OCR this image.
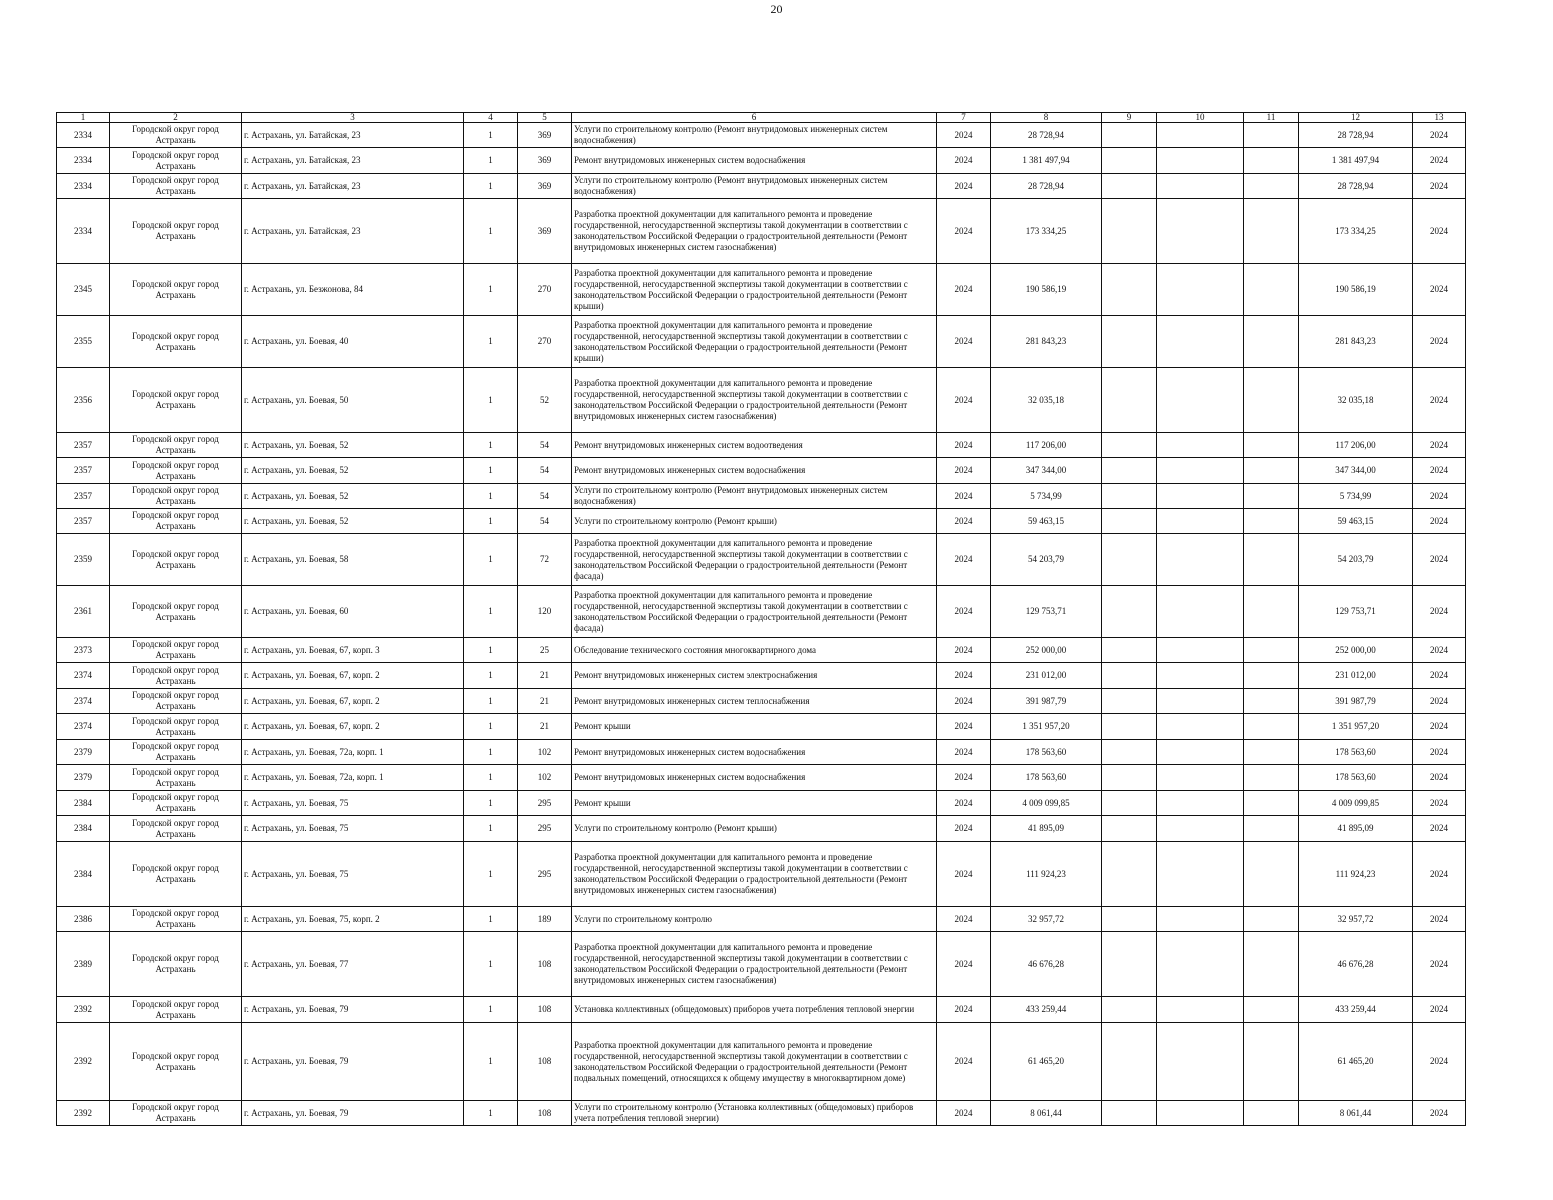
20
1	2	3	4	5	6	7	8	9	10	11	12	13
2334	Городской округ город Астрахань	г. Астрахань, ул. Батайская, 23	1	369	Услуги по строительному контролю (Ремонт внутридомовых инженерных систем водоснабжения)	2024	28 728,94				28 728,94	2024
2334	Городской округ город Астрахань	г. Астрахань, ул. Батайская, 23	1	369	Ремонт внутридомовых инженерных систем водоснабжения	2024	1 381 497,94				1 381 497,94	2024
2334	Городской округ город Астрахань	г. Астрахань, ул. Батайская, 23	1	369	Услуги по строительному контролю (Ремонт внутридомовых инженерных систем водоснабжения)	2024	28 728,94				28 728,94	2024
2334	Городской округ город Астрахань	г. Астрахань, ул. Батайская, 23	1	369	Разработка проектной документации для капитального ремонта и проведение государственной, негосударственной экспертизы такой документации в соответствии с законодательством Российской Федерации о градостроительной деятельности (Ремонт внутридомовых инженерных систем газоснабжения)	2024	173 334,25				173 334,25	2024
2345	Городской округ город Астрахань	г. Астрахань, ул. Безжонова, 84	1	270	Разработка проектной документации для капитального ремонта и проведение государственной, негосударственной экспертизы такой документации в соответствии с законодательством Российской Федерации о градостроительной деятельности (Ремонт крыши)	2024	190 586,19				190 586,19	2024
2355	Городской округ город Астрахань	г. Астрахань, ул. Боевая, 40	1	270	Разработка проектной документации для капитального ремонта и проведение государственной, негосударственной экспертизы такой документации в соответствии с законодательством Российской Федерации о градостроительной деятельности (Ремонт крыши)	2024	281 843,23				281 843,23	2024
2356	Городской округ город Астрахань	г. Астрахань, ул. Боевая, 50	1	52	Разработка проектной документации для капитального ремонта и проведение государственной, негосударственной экспертизы такой документации в соответствии с законодательством Российской Федерации о градостроительной деятельности (Ремонт внутридомовых инженерных систем газоснабжения)	2024	32 035,18				32 035,18	2024
2357	Городской округ город Астрахань	г. Астрахань, ул. Боевая, 52	1	54	Ремонт внутридомовых инженерных систем водоотведения	2024	117 206,00				117 206,00	2024
2357	Городской округ город Астрахань	г. Астрахань, ул. Боевая, 52	1	54	Ремонт внутридомовых инженерных систем водоснабжения	2024	347 344,00				347 344,00	2024
2357	Городской округ город Астрахань	г. Астрахань, ул. Боевая, 52	1	54	Услуги по строительному контролю (Ремонт внутридомовых инженерных систем водоснабжения)	2024	5 734,99				5 734,99	2024
2357	Городской округ город Астрахань	г. Астрахань, ул. Боевая, 52	1	54	Услуги по строительному контролю (Ремонт крыши)	2024	59 463,15				59 463,15	2024
2359	Городской округ город Астрахань	г. Астрахань, ул. Боевая, 58	1	72	Разработка проектной документации для капитального ремонта и проведение государственной, негосударственной экспертизы такой документации в соответствии с законодательством Российской Федерации о градостроительной деятельности (Ремонт фасада)	2024	54 203,79				54 203,79	2024
2361	Городской округ город Астрахань	г. Астрахань, ул. Боевая, 60	1	120	Разработка проектной документации для капитального ремонта и проведение государственной, негосударственной экспертизы такой документации в соответствии с законодательством Российской Федерации о градостроительной деятельности (Ремонт фасада)	2024	129 753,71				129 753,71	2024
2373	Городской округ город Астрахань	г. Астрахань, ул. Боевая, 67, корп. 3	1	25	Обследование технического состояния многоквартирного дома	2024	252 000,00				252 000,00	2024
2374	Городской округ город Астрахань	г. Астрахань, ул. Боевая, 67, корп. 2	1	21	Ремонт внутридомовых инженерных систем электроснабжения	2024	231 012,00				231 012,00	2024
2374	Городской округ город Астрахань	г. Астрахань, ул. Боевая, 67, корп. 2	1	21	Ремонт внутридомовых инженерных систем теплоснабжения	2024	391 987,79				391 987,79	2024
2374	Городской округ город Астрахань	г. Астрахань, ул. Боевая, 67, корп. 2	1	21	Ремонт крыши	2024	1 351 957,20				1 351 957,20	2024
2379	Городской округ город Астрахань	г. Астрахань, ул. Боевая, 72а, корп. 1	1	102	Ремонт внутридомовых инженерных систем водоснабжения	2024	178 563,60				178 563,60	2024
2379	Городской округ город Астрахань	г. Астрахань, ул. Боевая, 72а, корп. 1	1	102	Ремонт внутридомовых инженерных систем водоснабжения	2024	178 563,60				178 563,60	2024
2384	Городской округ город Астрахань	г. Астрахань, ул. Боевая, 75	1	295	Ремонт крыши	2024	4 009 099,85				4 009 099,85	2024
2384	Городской округ город Астрахань	г. Астрахань, ул. Боевая, 75	1	295	Услуги по строительному контролю (Ремонт крыши)	2024	41 895,09				41 895,09	2024
2384	Городской округ город Астрахань	г. Астрахань, ул. Боевая, 75	1	295	Разработка проектной документации для капитального ремонта и проведение государственной, негосударственной экспертизы такой документации в соответствии с законодательством Российской Федерации о градостроительной деятельности (Ремонт внутридомовых инженерных систем газоснабжения)	2024	111 924,23				111 924,23	2024
2386	Городской округ город Астрахань	г. Астрахань, ул. Боевая, 75, корп. 2	1	189	Услуги по строительному контролю	2024	32 957,72				32 957,72	2024
2389	Городской округ город Астрахань	г. Астрахань, ул. Боевая, 77	1	108	Разработка проектной документации для капитального ремонта и проведение государственной, негосударственной экспертизы такой документации в соответствии с законодательством Российской Федерации о градостроительной деятельности (Ремонт внутридомовых инженерных систем газоснабжения)	2024	46 676,28				46 676,28	2024
2392	Городской округ город Астрахань	г. Астрахань, ул. Боевая, 79	1	108	Установка коллективных (общедомовых) приборов учета потребления тепловой энергии	2024	433 259,44				433 259,44	2024
2392	Городской округ город Астрахань	г. Астрахань, ул. Боевая, 79	1	108	Разработка проектной документации для капитального ремонта и проведение государственной, негосударственной экспертизы такой документации в соответствии с законодательством Российской Федерации о градостроительной деятельности (Ремонт подвальных помещений, относящихся к общему имуществу в многоквартирном доме)	2024	61 465,20				61 465,20	2024
2392	Городской округ город Астрахань	г. Астрахань, ул. Боевая, 79	1	108	Услуги по строительному контролю (Установка коллективных (общедомовых) приборов учета потребления тепловой энергии)	2024	8 061,44				8 061,44	2024
